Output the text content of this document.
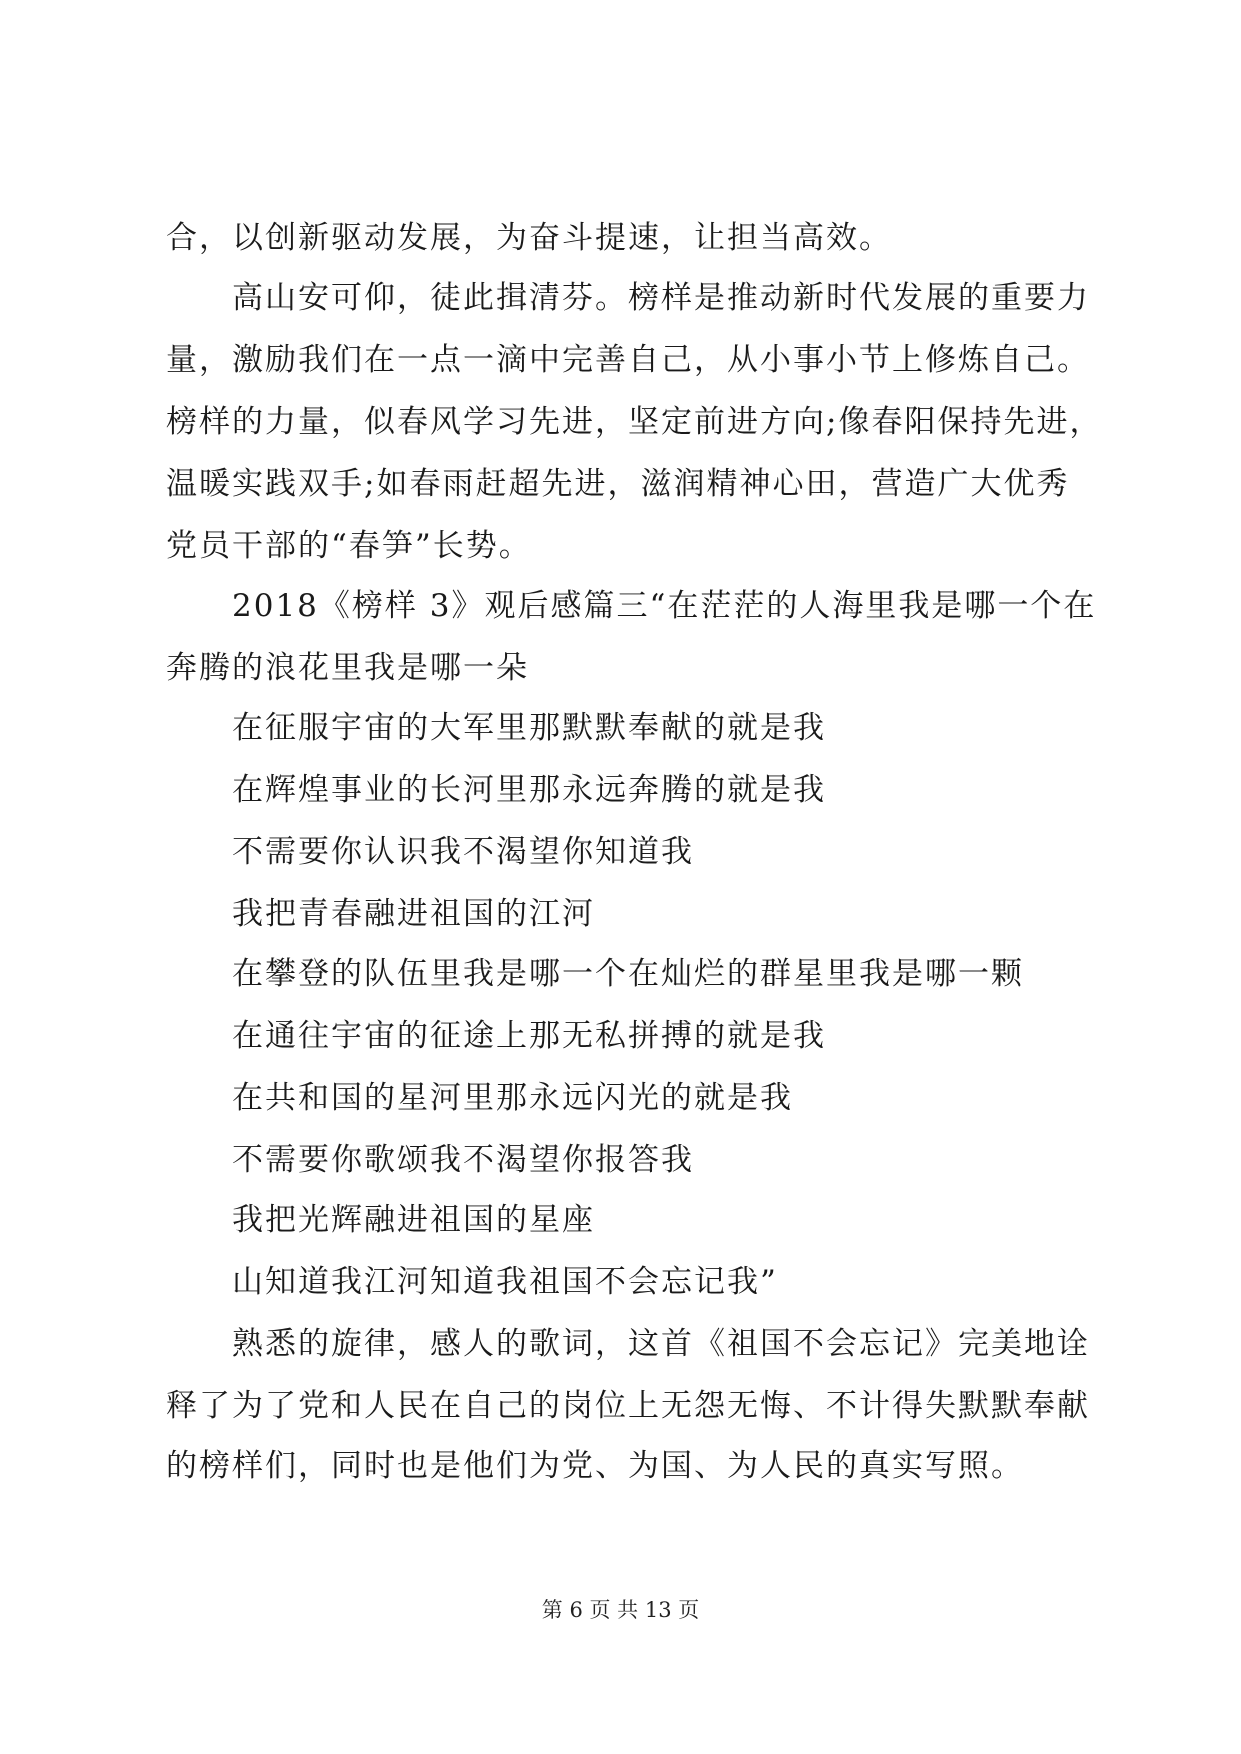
合，以创新驱动发展，为奋斗提速，让担当高效。
高山安可仰，徒此揖清芬。榜样是推动新时代发展的重要力
量，激励我们在一点一滴中完善自己，从小事小节上修炼自己。
榜样的力量，似春风学习先进，坚定前进方向;像春阳保持先进，
温暖实践双手;如春雨赶超先进，滋润精神心田，营造广大优秀
党员干部的“春笋”长势。
2018《榜样 3》观后感篇三“在茫茫的人海里我是哪一个在
奔腾的浪花里我是哪一朵
在征服宇宙的大军里那默默奉献的就是我
在辉煌事业的长河里那永远奔腾的就是我
不需要你认识我不渴望你知道我
我把青春融进祖国的江河
在攀登的队伍里我是哪一个在灿烂的群星里我是哪一颗
在通往宇宙的征途上那无私拼搏的就是我
在共和国的星河里那永远闪光的就是我
不需要你歌颂我不渴望你报答我
我把光辉融进祖国的星座
山知道我江河知道我祖国不会忘记我”
熟悉的旋律，感人的歌词，这首《祖国不会忘记》完美地诠
释了为了党和人民在自己的岗位上无怨无悔、不计得失默默奉献
的榜样们，同时也是他们为党、为国、为人民的真实写照。
第 6 页 共 13 页
